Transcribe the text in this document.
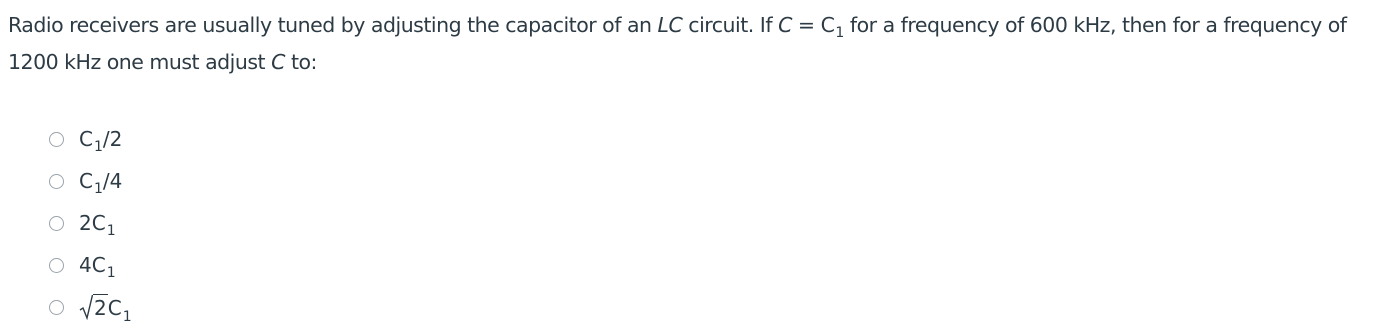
Radio receivers are usually tuned by adjusting the capacitor of an LC circuit. If $C = C_1$ for a frequency of 600 kHz, then for a frequency of 1200 kHz one must adjust C to:
$C_1/2$
$C_1/4$
$2C_1$
$4C_1$
2 C 1
